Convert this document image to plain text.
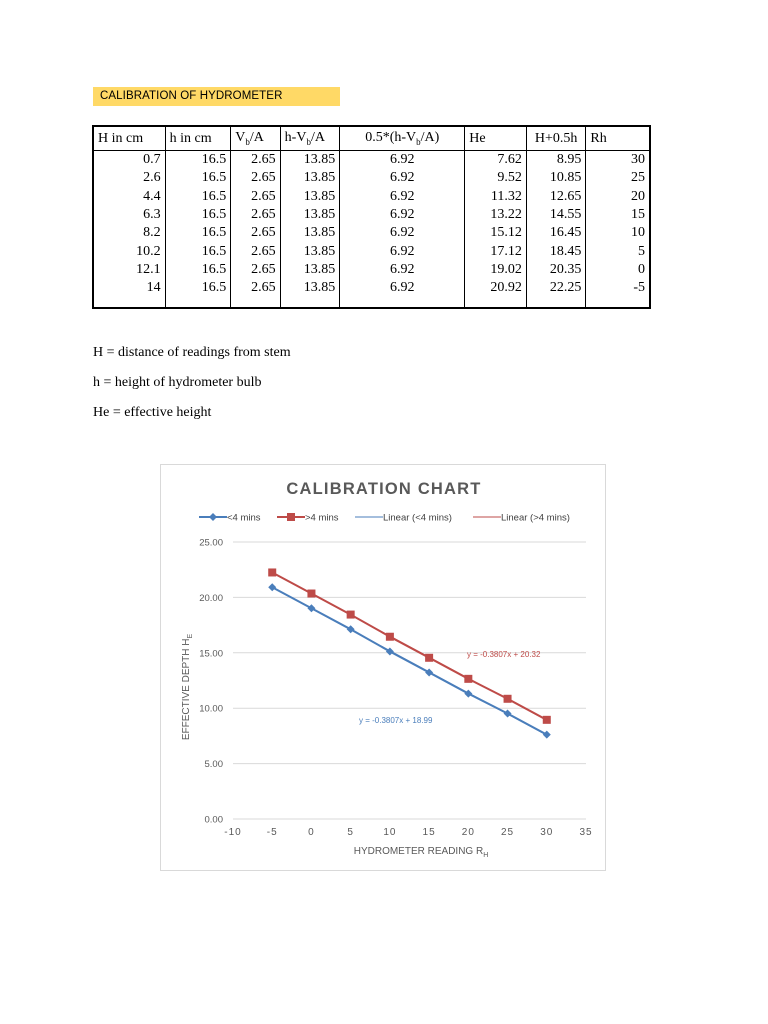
CALIBRATION OF HYDROMETER
H in cm	h in cm	$V_b/A$	$h-V_b/A$	$0.5*(h-V_b/A)$	He	H+0.5h	Rh
0.7	16.5	2.65	13.85	6.92	7.62	8.95	30
2.6	16.5	2.65	13.85	6.92	9.52	10.85	25
4.4	16.5	2.65	13.85	6.92	11.32	12.65	20
6.3	16.5	2.65	13.85	6.92	13.22	14.55	15
8.2	16.5	2.65	13.85	6.92	15.12	16.45	10
10.2	16.5	2.65	13.85	6.92	17.12	18.45	5
12.1	16.5	2.65	13.85	6.92	19.02	20.35	0
14	16.5	2.65	13.85	6.92	20.92	22.25	-5

H = distance of readings from stem
h = height of hydrometer bulb
He = effective height
CALIBRATION CHART
<4 mins	>4 mins	Linear (<4 mins)	Linear (>4 mins)
0.00
5.00
10.00
15.00
20.00
25.00
-10	-5	0	5	10	15	20	25	30	35
HYDROMETER READING $R_H$
EFFECTIVE DEPTH $H_E$
y = -0.3807x + 20.32
y = -0.3807x + 18.99
